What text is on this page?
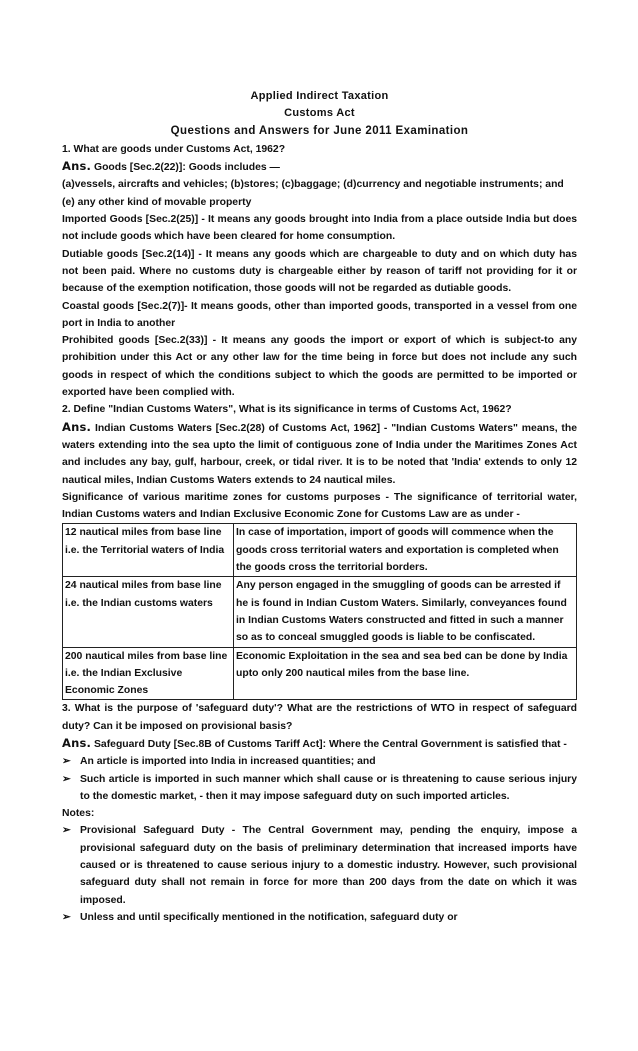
Applied Indirect Taxation
Customs Act
Questions and Answers for June 2011 Examination

1. What are goods under Customs Act, 1962?

Ans. Goods [Sec.2(22)]: Goods includes —

(a)vessels, aircrafts and vehicles; (b)stores; (c)baggage; (d)currency and negotiable instruments; and

(e) any other kind of movable property

Imported Goods [Sec.2(25)] - It means any goods brought into India from a place outside India but does not include goods which have been cleared for home consumption.

Dutiable goods [Sec.2(14)] - It means any goods which are chargeable to duty and on which duty has not been paid. Where no customs duty is chargeable either by reason of tariff not providing for it or because of the exemption notification, those goods will not be regarded as dutiable goods.

Coastal goods [Sec.2(7)]- It means goods, other than imported goods, transported in a vessel from one port in India to another

Prohibited goods [Sec.2(33)] - It means any goods the import or export of which is subject-to any prohibition under this Act or any other law for the time being in force but does not include any such goods in respect of which the conditions subject to which the goods are permitted to be imported or exported have been complied with.

2. Define "Indian Customs Waters", What is its significance in terms of Customs Act, 1962?

Ans. Indian Customs Waters [Sec.2(28) of Customs Act, 1962] - "Indian Customs Waters" means, the waters extending into the sea upto the limit of contiguous zone of India under the Maritimes Zones Act and includes any bay, gulf, harbour, creek, or tidal river. It is to be noted that 'India' extends to only 12 nautical miles, Indian Customs Waters extends to 24 nautical miles.

Significance of various maritime zones for customs purposes - The significance of territorial water, Indian Customs waters and Indian Exclusive Economic Zone for Customs Law are as under -

12 nautical miles from base line i.e. the Territorial waters of India	In case of importation, import of goods will commence when the goods cross territorial waters and exportation is completed when the goods cross the territorial borders.
24 nautical miles from base line i.e. the Indian customs waters	Any person engaged in the smuggling of goods can be arrested if he is found in Indian Custom Waters. Similarly, conveyances found in Indian Customs Waters constructed and fitted in such a manner so as to conceal smuggled goods is liable to be confiscated.
200 nautical miles from base line i.e. the Indian Exclusive Economic Zones	Economic Exploitation in the sea and sea bed can be done by India upto only 200 nautical miles from the base line.

3. What is the purpose of 'safeguard duty'? What are the restrictions of WTO in respect of safeguard duty? Can it be imposed on provisional basis?

Ans. Safeguard Duty [Sec.8B of Customs Tariff Act]: Where the Central Government is satisfied that -

➢ An article is imported into India in increased quantities; and
➢ Such article is imported in such manner which shall cause or is threatening to cause serious injury to the domestic market, - then it may impose safeguard duty on such imported articles.

Notes:

➢ Provisional Safeguard Duty - The Central Government may, pending the enquiry, impose a provisional safeguard duty on the basis of preliminary determination that increased imports have caused or is threatened to cause serious injury to a domestic industry. However, such provisional safeguard duty shall not remain in force for more than 200 days from the date on which it was imposed.
➢ Unless and until specifically mentioned in the notification, safeguard duty or
